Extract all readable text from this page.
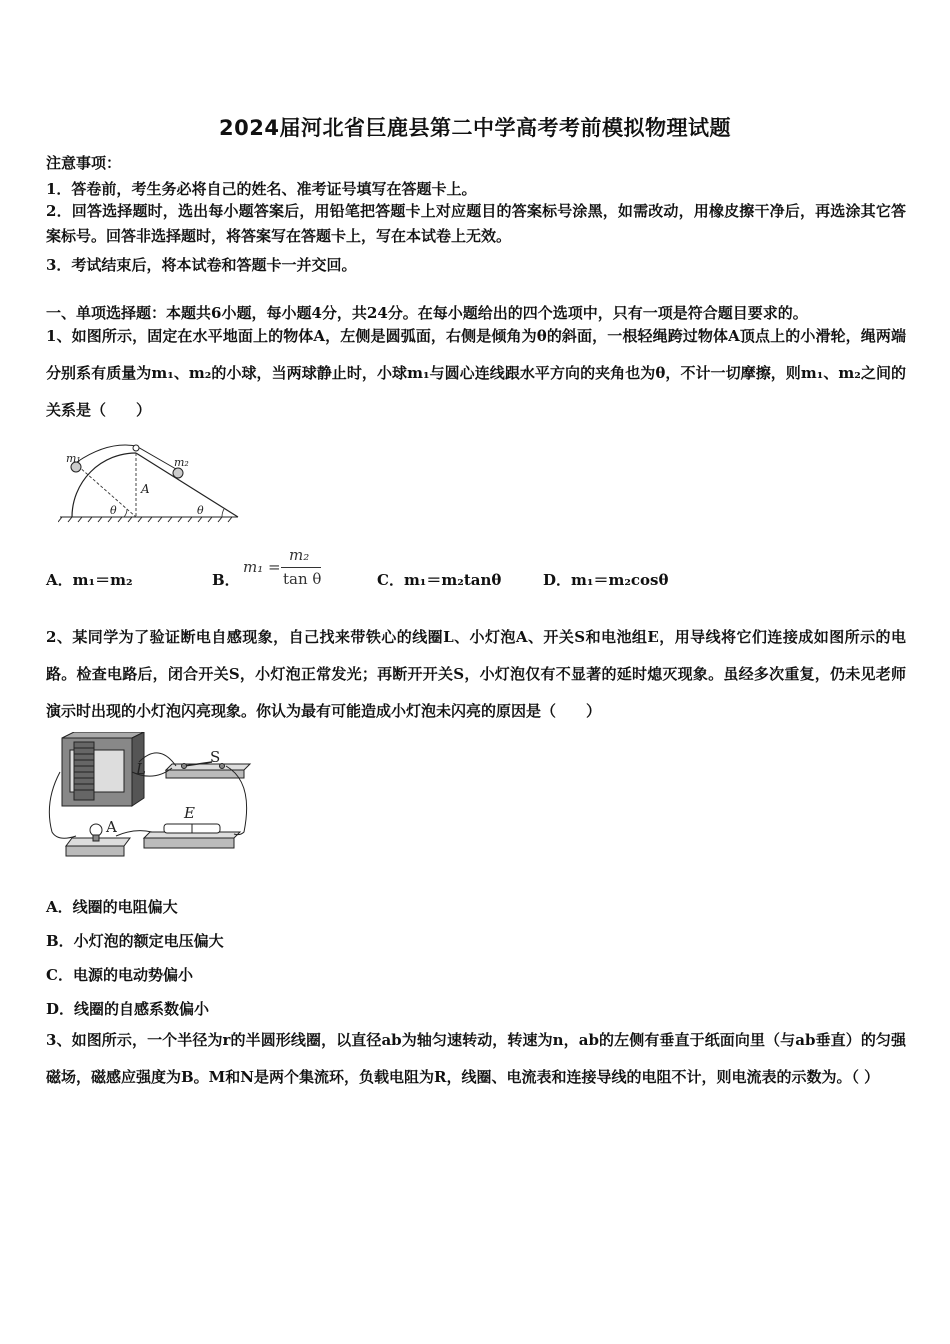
2024届河北省巨鹿县第二中学高考考前模拟物理试题
注意事项：
1．答卷前，考生务必将自己的姓名、准考证号填写在答题卡上。
2．回答选择题时，选出每小题答案后，用铅笔把答题卡上对应题目的答案标号涂黑，如需改动，用橡皮擦干净后，再选涂其它答案标号。回答非选择题时，将答案写在答题卡上，写在本试卷上无效。
3．考试结束后，将本试卷和答题卡一并交回。
一、单项选择题：本题共6小题，每小题4分，共24分。在每小题给出的四个选项中，只有一项是符合题目要求的。
1、如图所示，固定在水平地面上的物体A，左侧是圆弧面，右侧是倾角为θ的斜面，一根轻绳跨过物体A顶点上的小滑轮，绳两端分别系有质量为m₁、m₂的小球，当两球静止时，小球m₁与圆心连线跟水平方向的夹角也为θ，不计一切摩擦，则m₁、m₂之间的关系是（　　）
m₁	m₂
A
θ	θ
A．m₁＝m₂	B．
m₁ =
m₂
tan θ	C．m₁＝m₂tanθ	D．m₁＝m₂cosθ
2、某同学为了验证断电自感现象，自己找来带铁心的线圈L、小灯泡A、开关S和电池组E，用导线将它们连接成如图所示的电路。检查电路后，闭合开关S，小灯泡正常发光；再断开开关S，小灯泡仅有不显著的延时熄灭现象。虽经多次重复，仍未见老师演示时出现的小灯泡闪亮现象。你认为最有可能造成小灯泡未闪亮的原因是（　　）
L
S
E
A
A．线圈的电阻偏大
B．小灯泡的额定电压偏大
C．电源的电动势偏小
D．线圈的自感系数偏小
3、如图所示，一个半径为r的半圆形线圈，以直径ab为轴匀速转动，转速为n，ab的左侧有垂直于纸面向里（与ab垂直）的匀强磁场，磁感应强度为B。M和N是两个集流环，负载电阻为R，线圈、电流表和连接导线的电阻不计，则电流表的示数为。（ ）
